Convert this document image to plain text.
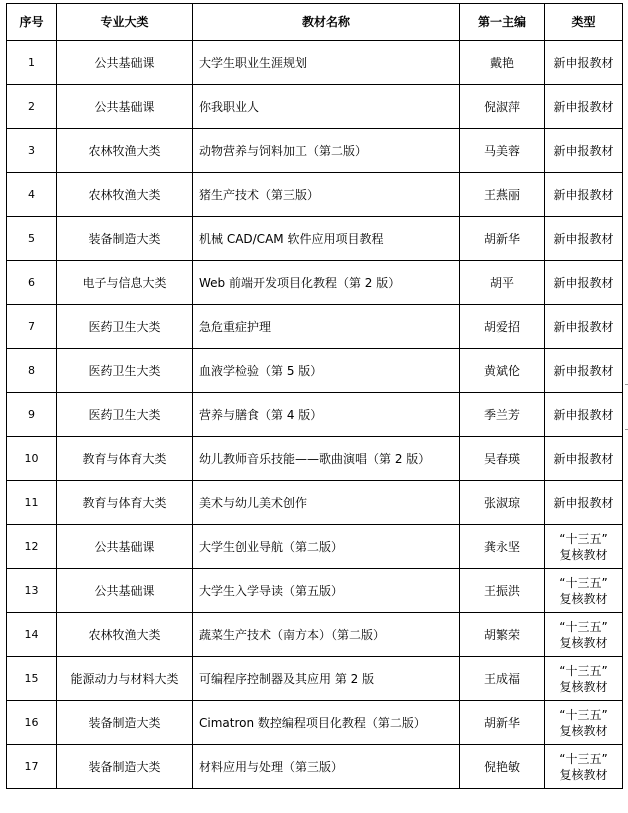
序号	专业大类	教材名称	第一主编	类型
1	公共基础课	大学生职业生涯规划	戴艳	新申报教材

2	公共基础课	你我职业人	倪淑萍	新申报教材

3	农林牧渔大类	动物营养与饲料加工（第二版）	马美蓉	新申报教材

4	农林牧渔大类	猪生产技术（第三版）	王燕丽	新申报教材

5	装备制造大类	机械 CAD/CAM 软件应用项目教程	胡新华	新申报教材

6	电子与信息大类	Web 前端开发项目化教程（第 2 版）	胡平	新申报教材

7	医药卫生大类	急危重症护理	胡爱招	新申报教材

8	医药卫生大类	血液学检验（第 5 版）	黄斌伦	新申报教材

9	医药卫生大类	营养与膳食（第 4 版）	季兰芳	新申报教材

10	教育与体育大类	幼儿教师音乐技能——歌曲演唱（第 2 版）	吴春瑛	新申报教材

11	教育与体育大类	美术与幼儿美术创作	张淑琼	新申报教材

12	公共基础课	大学生创业导航（第二版）	龚永坚	“十三五”
复核教材

13	公共基础课	大学生入学导读（第五版）	王振洪	“十三五”
复核教材

14	农林牧渔大类	蔬菜生产技术（南方本）（第二版）	胡繁荣	“十三五”
复核教材

15	能源动力与材料大类	可编程序控制器及其应用 第 2 版	王成福	“十三五”
复核教材

16	装备制造大类	Cimatron 数控编程项目化教程（第二版）	胡新华	“十三五”
复核教材

17	装备制造大类	材料应用与处理（第三版）	倪艳敏	“十三五”
复核教材
